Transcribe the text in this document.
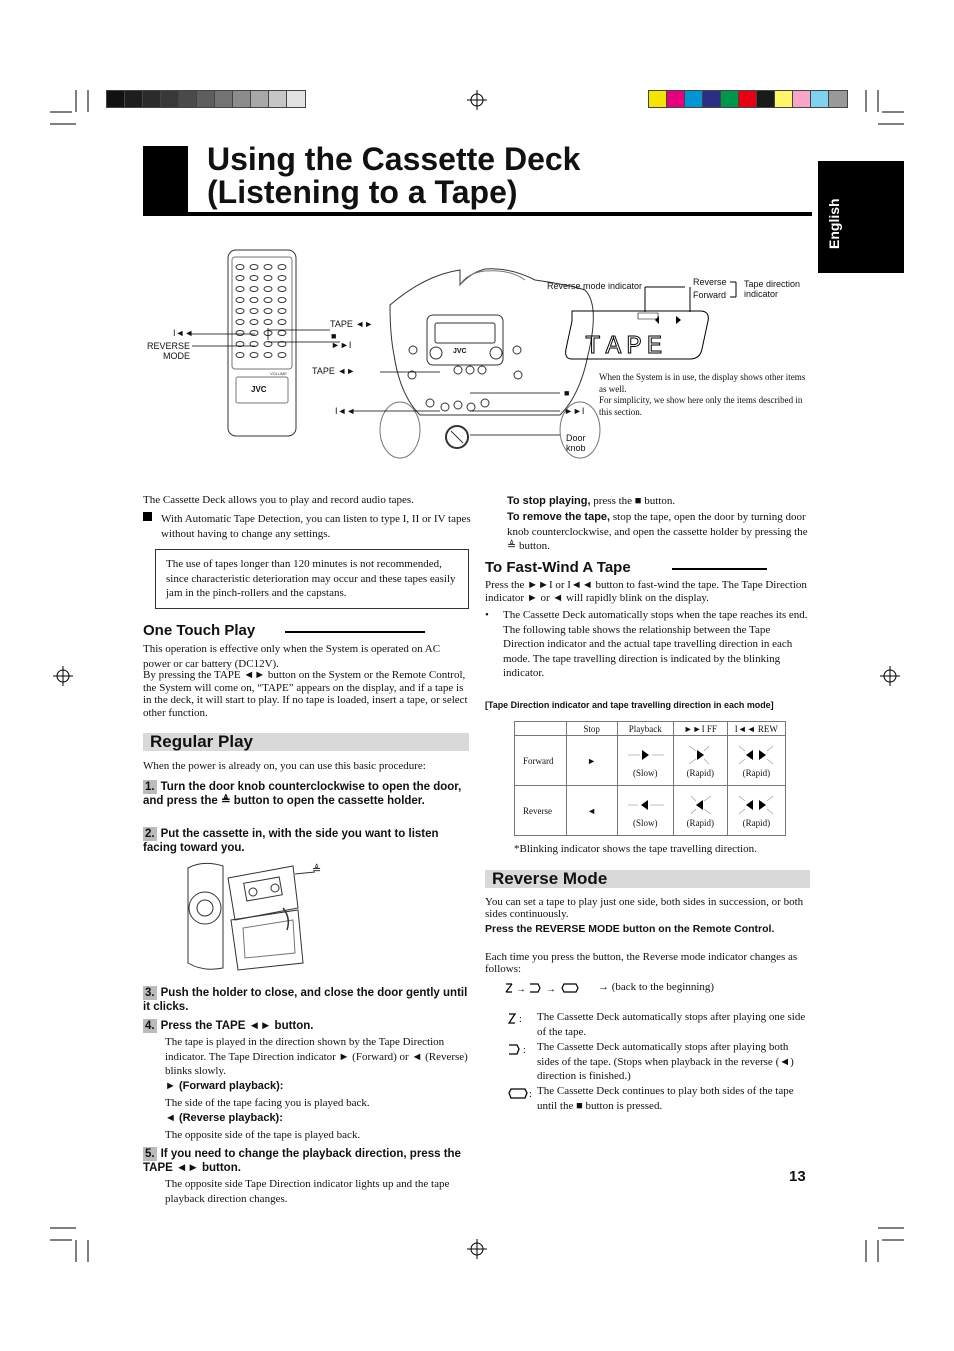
Using the Cassette Deck
(Listening to a Tape)
English
JVC
VOLUME
JVC	TAPE
I◄◄
REVERSE
MODE
TAPE ◄►
■
►►I
TAPE ◄►
■
I◄◄	►►I
Door
knob
Reverse mode indicator	Reverse
Forward
Tape direction
indicator
When the System is in use, the display shows other items as well.
For simplicity, we show here only the items described in this section.
The Cassette Deck allows you to play and record audio tapes.
With Automatic Tape Detection, you can listen to type I, II or IV tapes without having to change any settings.
The use of tapes longer than 120 minutes is not recommended, since characteristic deterioration may occur and these tapes easily jam in the pinch-rollers and the capstans.
One Touch Play
This operation is effective only when the System is operated on AC power or car battery (DC12V).
By pressing the TAPE ◄► button on the System or the Remote Control, the System will come on, “TAPE” appears on the display, and if a tape is in the deck, it will start to play. If no tape is loaded, insert a tape, or select other function.
Regular Play
When the power is already on, you can use this basic procedure:
1. Turn the door knob counterclockwise to open the door, and press the ≜ button to open the cassette holder.
2. Put the cassette in, with the side you want to listen facing toward you.
≜
3. Push the holder to close, and close the door gently until it clicks.
4. Press the TAPE ◄► button.
The tape is played in the direction shown by the Tape Direction indicator. The Tape Direction indicator ► (Forward) or ◄ (Reverse) blinks slowly.
► (Forward playback):
The side of the tape facing you is played back.
◄ (Reverse playback):
The opposite side of the tape is played back.
5. If you need to change the playback direction, press the TAPE ◄► button.
The opposite side Tape Direction indicator lights up and the tape playback direction changes.
To stop playing, press the ■ button.
To remove the tape, stop the tape, open the door by turning door knob counterclockwise, and open the cassette holder by pressing the ≜ button.
To Fast-Wind A Tape
Press the ►►I or I◄◄ button to fast-wind the tape. The Tape Direction indicator ► or ◄ will rapidly blink on the display.
•	The Cassette Deck automatically stops when the tape reaches its end.
The following table shows the relationship between the Tape Direction indicator and the actual tape travelling direction in each mode. The tape travelling direction is indicated by the blinking indicator.
[Tape Direction indicator and tape travelling direction in each mode]
	Stop	Playback	►►I FF	I◄◄ REW
Forward	►	(Slow)	(Rapid)	(Rapid)

Reverse	◄	(Slow)	(Rapid)	(Rapid)
*Blinking indicator shows the tape travelling direction.
Reverse Mode
You can set a tape to play just one side, both sides in succession, or both sides continuously.
Press the REVERSE MODE button on the Remote Control.
Each time you press the button, the Reverse mode indicator changes as follows:
→ →	→ (back to the beginning)
: The Cassette Deck automatically stops after playing one side of the tape.
: The Cassette Deck automatically stops after playing both sides of the tape. (Stops when playback in the reverse (◄) direction is finished.)
: The Cassette Deck continues to play both sides of the tape until the ■ button is pressed.
13
